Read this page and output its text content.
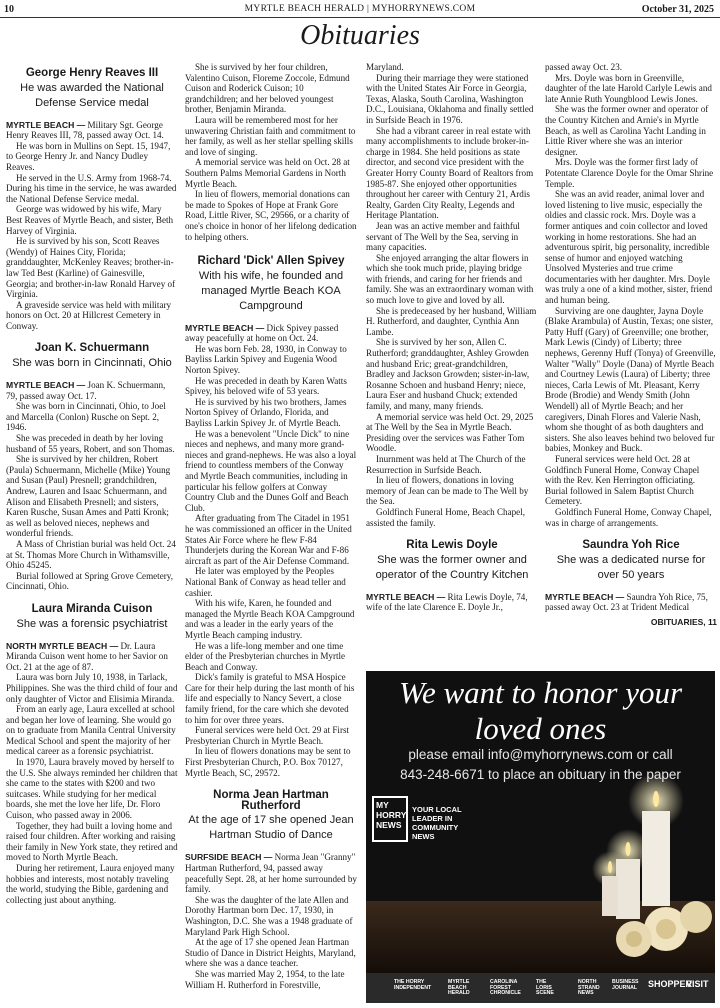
10	MYRTLE BEACH HERALD | MYHORRYNEWS.COM	October 31, 2025
Obituaries
George Henry Reaves III
He was awarded the National Defense Service medal

MYRTLE BEACH — Military Sgt. George Henry Reaves III, 78, passed away Oct. 14.

He was born in Mullins on Sept. 15, 1947, to George Henry Jr. and Nancy Dudley Reaves.

He served in the U.S. Army from 1968-74. During his time in the service, he was awarded the National Defense Service medal.

George was widowed by his wife, Mary Best Reaves of Myrtle Beach, and sister, Beth Harvey of Virginia.

He is survived by his son, Scott Reaves (Wendy) of Haines City, Florida; granddaughter, McKenley Reaves; brother-in-law Ted Best (Karline) of Gainesville, Georgia; and brother-in-law Ronald Harvey of Virginia.

A graveside service was held with military honors on Oct. 20 at Hillcrest Cemetery in Conway.

Joan K. Schuermann
She was born in Cincinnati, Ohio

MYRTLE BEACH — Joan K. Schuermann, 79, passed away Oct. 17.

She was born in Cincinnati, Ohio, to Joel and Marcella (Conlon) Rusche on Sept. 2, 1946.

She was preceded in death by her loving husband of 55 years, Robert, and son Thomas.

She is survived by her children, Robert (Paula) Schuermann, Michelle (Mike) Young and Susan (Paul) Presnell; grandchildren, Andrew, Lauren and Isaac Schuermann, and Alison and Elisabeth Presnell; and sisters, Karen Rusche, Susan Ames and Patti Kronk; as well as beloved nieces, nephews and wonderful friends.

A Mass of Christian burial was held Oct. 24 at St. Thomas More Church in Withamsville, Ohio 45245.

Burial followed at Spring Grove Cemetery, Cincinnati, Ohio.

Laura Miranda Cuison
She was a forensic psychiatrist

NORTH MYRTLE BEACH — Dr. Laura Miranda Cuison went home to her Savior on Oct. 21 at the age of 87.

Laura was born July 10, 1938, in Tarlack, Philippines. She was the third child of four and only daughter of Victor and Elisimia Miranda.

From an early age, Laura excelled at school and began her love of learning. She would go on to graduate from Manila Central University Medical School and spent the majority of her medical career as a forensic psychiatrist.

In 1970, Laura bravely moved by herself to the U.S. She always reminded her children that she came to the states with $200 and two suitcases. While studying for her medical boards, she met the love her life, Dr. Floro Cuison, who passed away in 2006.

Together, they had built a loving home and raised four children. After working and raising their family in New York state, they retired and moved to North Myrtle Beach.

During her retirement, Laura enjoyed many hobbies and interests, most notably traveling the world, studying the Bible, gardening and collecting just about anything.

She is survived by her four children, Valentino Cuison, Floreme Zoccole, Edmund Cuison and Roderick Cuison; 10 grandchildren; and her beloved youngest brother, Benjamin Miranda.

Laura will be remembered most for her unwavering Christian faith and commitment to her family, as well as her stellar spelling skills and love of singing.

A memorial service was held on Oct. 28 at Southern Palms Memorial Gardens in North Myrtle Beach.

In lieu of flowers, memorial donations can be made to Spokes of Hope at Frank Gore Road, Little River, SC, 29566, or a charity of one's choice in honor of her lifelong dedication to helping others.

Richard 'Dick' Allen Spivey
With his wife, he founded and managed Myrtle Beach KOA Campground

MYRTLE BEACH — Dick Spivey passed away peacefully at home on Oct. 24.

He was born Feb. 28, 1930, in Conway to Bayliss Larkin Spivey and Eugenia Wood Norton Spivey.

He was preceded in death by Karen Watts Spivey, his beloved wife of 53 years.

He is survived by his two brothers, James Norton Spivey of Orlando, Florida, and Bayliss Larkin Spivey Jr. of Myrtle Beach.

He was a benevolent "Uncle Dick" to nine nieces and nephews, and many more grand-nieces and grand-nephews. He was also a loyal friend to countless members of the Conway and Myrtle Beach communities, including in particular his fellow golfers at Conway Country Club and the Dunes Golf and Beach Club.

After graduating from The Citadel in 1951 he was commissioned an officer in the United States Air Force where he flew F-84 Thunderjets during the Korean War and F-86 aircraft as part of the Air Defense Command.

He later was employed by the Peoples National Bank of Conway as head teller and cashier.

With his wife, Karen, he founded and managed the Myrtle Beach KOA Campground and was a leader in the early years of the Myrtle Beach camping industry.

He was a life-long member and one time elder of the Presbyterian churches in Myrtle Beach and Conway.

Dick's family is grateful to MSA Hospice Care for their help during the last month of his life and especially to Nancy Severt, a close family friend, for the care which she devoted to him for over three years.

Funeral services were held Oct. 29 at First Presbyterian Church in Myrtle Beach.

In lieu of flowers donations may be sent to First Presbyterian Church, P.O. Box 70127, Myrtle Beach, SC, 29572.

Norma Jean Hartman Rutherford
At the age of 17 she opened Jean Hartman Studio of Dance

SURFSIDE BEACH — Norma Jean "Granny" Hartman Rutherford, 94, passed away peacefully Sept. 28, at her home surrounded by family.

She was the daughter of the late Allen and Dorothy Hartman born Dec. 17, 1930, in Washington, D.C. She was a 1948 graduate of Maryland Park High School.

At the age of 17 she opened Jean Hartman Studio of Dance in District Heights, Maryland, where she was a dance teacher.

She was married May 2, 1954, to the late William H. Rutherford in Forestville,

Maryland.

During their marriage they were stationed with the United States Air Force in Georgia, Texas, Alaska, South Carolina, Washington D.C., Louisiana, Oklahoma and finally settled in Surfside Beach in 1976.

She had a vibrant career in real estate with many accomplishments to include broker-in-charge in 1984. She held positions as state director, and second vice president with the Greater Horry County Board of Realtors from 1985-87. She enjoyed other opportunities throughout her career with Century 21, Ardis Realty, Garden City Realty, Legends and Heritage Plantation.

Jean was an active member and faithful servant of The Well by the Sea, serving in many capacities.

She enjoyed arranging the altar flowers in which she took much pride, playing bridge with friends, and caring for her friends and family. She was an extraordinary woman with so much love to give and loved by all.

She is predeceased by her husband, William H. Rutherford, and daughter, Cynthia Ann Lambe.

She is survived by her son, Allen C. Rutherford; granddaughter, Ashley Growden and husband Eric; great-grandchildren, Bradley and Jackson Growden; sister-in-law, Rosanne Schoen and husband Henry; niece, Laura Eser and husband Chuck; extended family, and many, many friends.

A memorial service was held Oct. 29, 2025 at The Well by the Sea in Myrtle Beach. Presiding over the services was Father Tom Woodle.

Inurnment was held at The Church of the Resurrection in Surfside Beach.

In lieu of flowers, donations in loving memory of Jean can be made to The Well by the Sea.

Goldfinch Funeral Home, Beach Chapel, assisted the family.

Rita Lewis Doyle
She was the former owner and operator of the Country Kitchen

MYRTLE BEACH — Rita Lewis Doyle, 74, wife of the late Clarence E. Doyle Jr.,

passed away Oct. 23.

Mrs. Doyle was born in Greenville, daughter of the late Harold Carlyle Lewis and late Annie Ruth Youngblood Lewis Jones.

She was the former owner and operator of the Country Kitchen and Arnie's in Myrtle Beach, as well as Carolina Yacht Landing in Little River where she was an interior designer.

Mrs. Doyle was the former first lady of Potentate Clarence Doyle for the Omar Shrine Temple.

She was an avid reader, animal lover and loved listening to live music, especially the oldies and classic rock. Mrs. Doyle was a former antiques and coin collector and loved working in home restorations. She had an adventurous spirit, big personality, incredible sense of humor and enjoyed watching Unsolved Mysteries and true crime documentaries with her daughter. Mrs. Doyle was truly a one of a kind mother, sister, friend and human being.

Surviving are one daughter, Jayna Doyle (Blake Arambula) of Austin, Texas; one sister, Patty Huff (Gary) of Greenville; one brother, Mark Lewis (Cindy) of Liberty; three nephews, Gerenny Huff (Tonya) of Greenville, Walter "Wally" Doyle (Dana) of Myrtle Beach and Courtney Lewis (Laura) of Liberty; three nieces, Carla Lewis of Mt. Pleasant, Kerry Brode (Brodie) and Wendy Smith (John Wendell) all of Myrtle Beach; and her caregivers, Dinah Flores and Valerie Nash, whom she thought of as both daughters and sisters. She also leaves behind two beloved fur babies, Monkey and Buck.

Funeral services were held Oct. 28 at Goldfinch Funeral Home, Conway Chapel with the Rev. Ken Herrington officiating. Burial followed in Salem Baptist Church Cemetery.

Goldfinch Funeral Home, Conway Chapel, was in charge of arrangements.

Saundra Yoh Rice
She was a dedicated nurse for over 50 years

MYRTLE BEACH — Saundra Yoh Rice, 75, passed away Oct. 23 at Trident Medical

OBITUARIES, 11
We want to honor your loved ones
please email info@myhorrynews.com or call
843-248-6671 to place an obituary in the paper
MY
HORRY
NEWS
YOUR LOCAL LEADER IN COMMUNITY NEWS
THE HORRY INDEPENDENT
MYRTLE BEACH HERALD
CAROLINA FOREST CHRONICLE
THE LORIS SCENE
NORTH STRAND NEWS
BUSINESS JOURNAL	SHOPPER
VISIT
